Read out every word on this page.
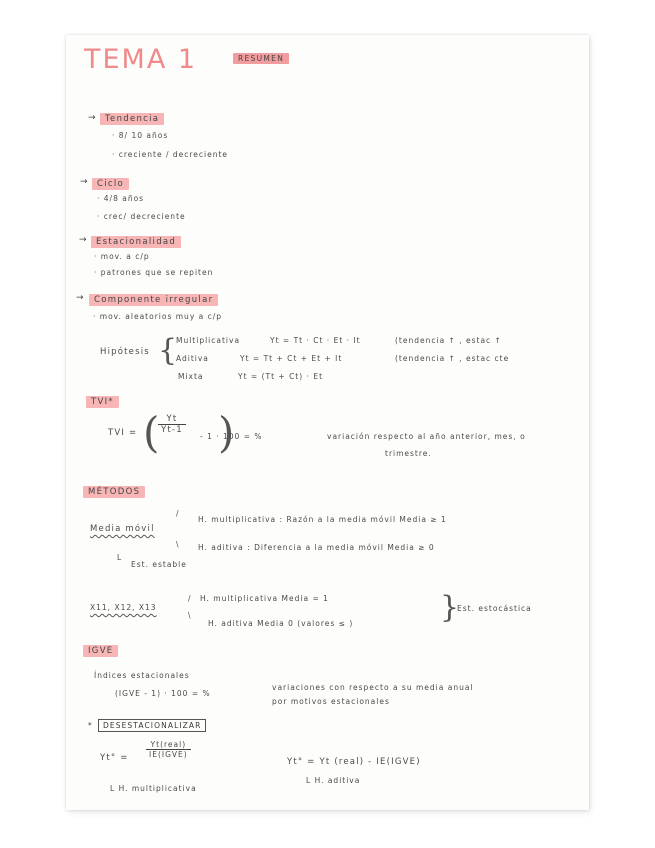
TEMA 1	RESUMEN
→	Tendencia
· 8/ 10 años
· creciente / decreciente
→	Ciclo
· 4/8 años
· crec/ decreciente
→	Estacionalidad
· mov. a c/p
· patrones que se repiten
→	Componente irregular
· mov. aleatorios muy a c/p
Hipótesis {
Multiplicativa	Yt = Tt · Ct · Et · It	(tendencia ↑ , estac ↑
Aditiva	Yt = Tt + Ct + Et + It	(tendencia ↑ , estac cte
Mixta	Yt = (Tt + Ct) · Et
TVI*
TVI = (
$\frac{Yt}{Yt-1}$ )
- 1 · 100 = %	variación respecto al año anterior, mes, o
trimestre.
MÉTODOS
Media móvil
/
\
H. multiplicativa : Razón a la media móvil Media ≥ 1
H. aditiva : Diferencia a la media móvil Media ≥ 0
L
Est. estable
X11, X12, X13
/
\
H. multiplicativa Media = 1
H. aditiva Media 0 (valores ≤ )	}
Est. estocástica
IGVE
Índices estacionales
(IGVE - 1) · 100 = %
variaciones con respecto a su media anual
por motivos estacionales
*	DESESTACIONALIZAR
$Yt^\circ = \frac{\text{Yt(real)}}{\text{IE(IGVE)}}$
L H. multiplicativa
Yt° = Yt (real) - IE(IGVE)
L H. aditiva
